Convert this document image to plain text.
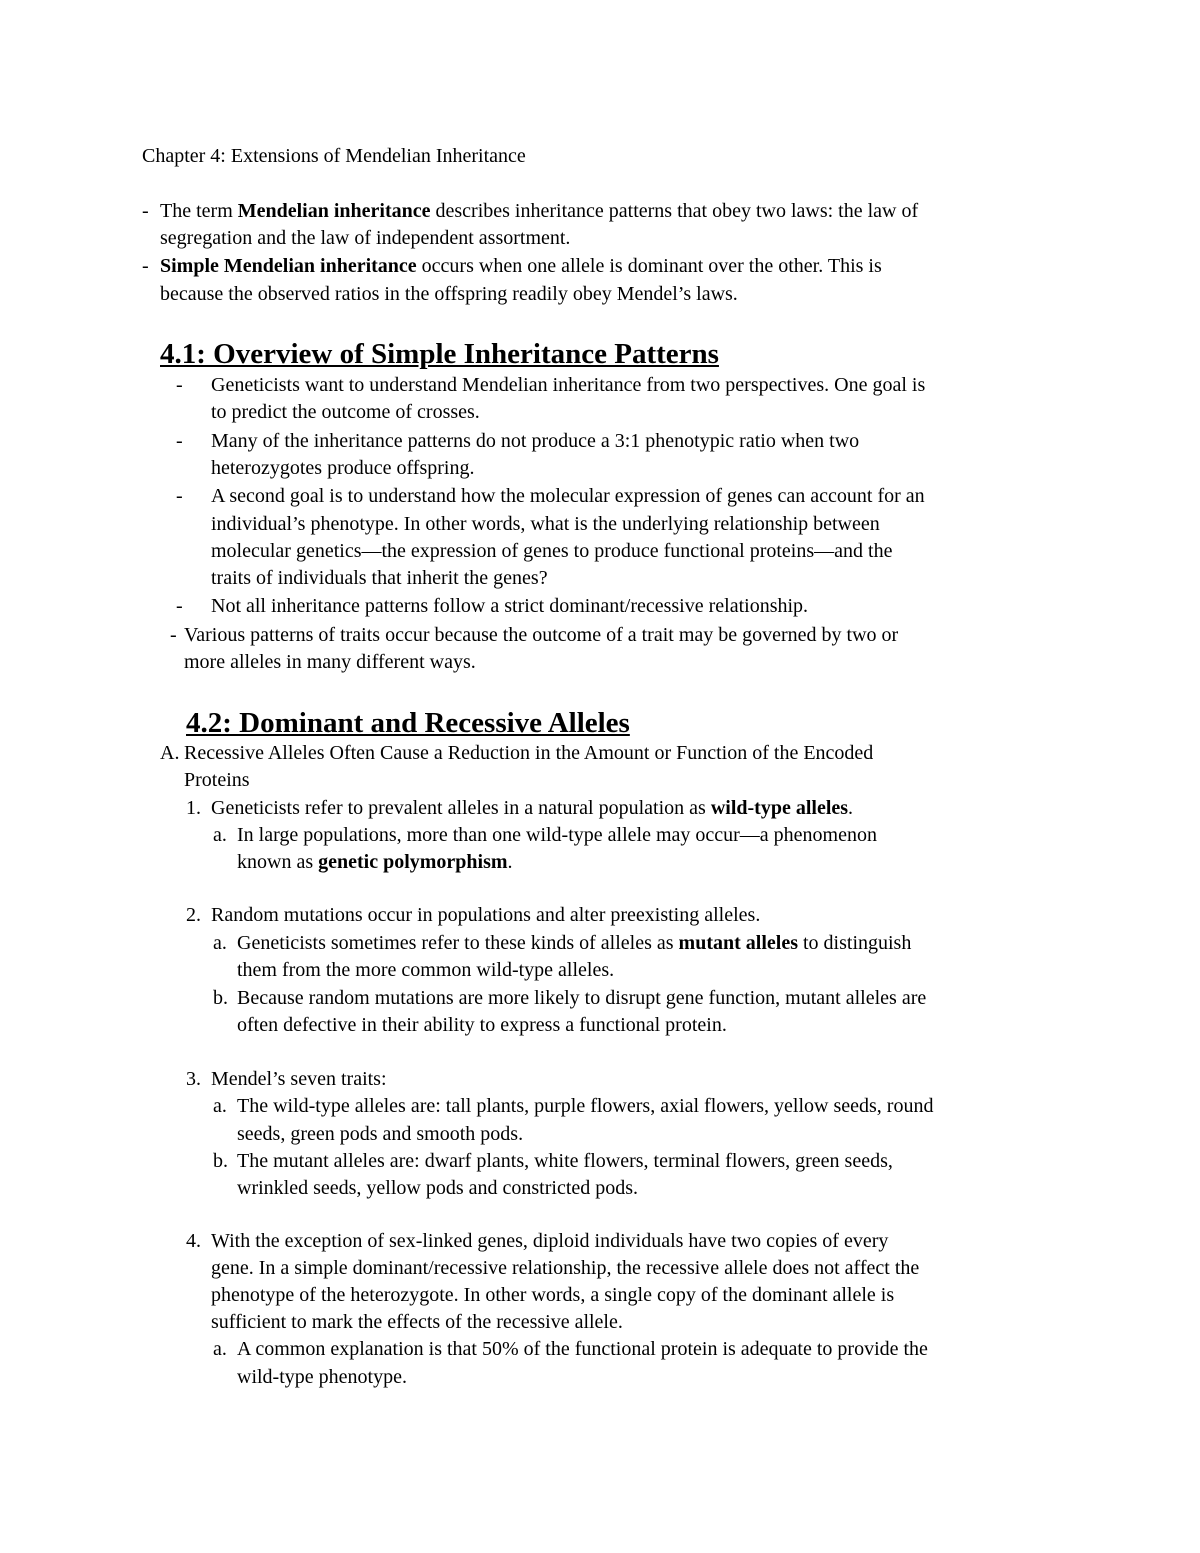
Chapter 4: Extensions of Mendelian Inheritance
- The term Mendelian inheritance describes inheritance patterns that obey two laws: the law of
segregation and the law of independent assortment.
- Simple Mendelian inheritance occurs when one allele is dominant over the other. This is
because the observed ratios in the offspring readily obey Mendel’s laws.
4.1: Overview of Simple Inheritance Patterns
- Geneticists want to understand Mendelian inheritance from two perspectives. One goal is
to predict the outcome of crosses.
- Many of the inheritance patterns do not produce a 3:1 phenotypic ratio when two
heterozygotes produce offspring.
- A second goal is to understand how the molecular expression of genes can account for an
individual’s phenotype. In other words, what is the underlying relationship between
molecular genetics—the expression of genes to produce functional proteins—and the
traits of individuals that inherit the genes?
- Not all inheritance patterns follow a strict dominant/recessive relationship.
- Various patterns of traits occur because the outcome of a trait may be governed by two or
more alleles in many different ways.
4.2: Dominant and Recessive Alleles
A. Recessive Alleles Often Cause a Reduction in the Amount or Function of the Encoded
Proteins
1. Geneticists refer to prevalent alleles in a natural population as wild-type alleles.
a. In large populations, more than one wild-type allele may occur—a phenomenon
known as genetic polymorphism.
2. Random mutations occur in populations and alter preexisting alleles.
a. Geneticists sometimes refer to these kinds of alleles as mutant alleles to distinguish
them from the more common wild-type alleles.
b. Because random mutations are more likely to disrupt gene function, mutant alleles are
often defective in their ability to express a functional protein.
3. Mendel’s seven traits:
a. The wild-type alleles are: tall plants, purple flowers, axial flowers, yellow seeds, round
seeds, green pods and smooth pods.
b. The mutant alleles are: dwarf plants, white flowers, terminal flowers, green seeds,
wrinkled seeds, yellow pods and constricted pods.
4. With the exception of sex-linked genes, diploid individuals have two copies of every
gene. In a simple dominant/recessive relationship, the recessive allele does not affect the
phenotype of the heterozygote. In other words, a single copy of the dominant allele is
sufficient to mark the effects of the recessive allele.
a. A common explanation is that 50% of the functional protein is adequate to provide the
wild-type phenotype.
